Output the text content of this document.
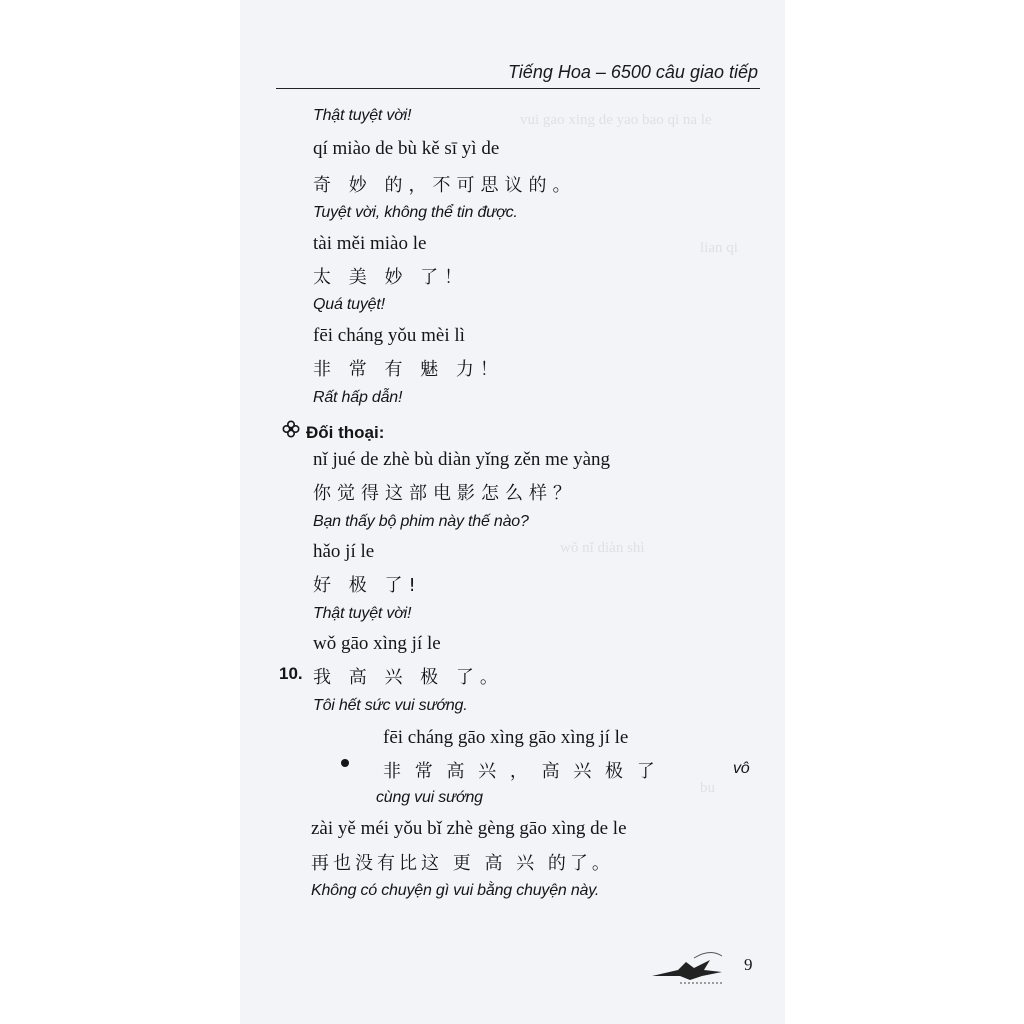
vui gao xing de yao bao qi na le
lian qi
wǒ nǐ diàn shì
bu
Tiếng Hoa – 6500 câu giao tiếp
Thật tuyệt vời!
qí miào de bù kě sī yì de
奇 妙 的，不可思议的。
Tuyệt vời, không thể tin được.
tài měi miào le
太 美 妙 了！
Quá tuyệt!
fēi cháng yǒu mèi lì
非 常 有 魅 力！
Rất hấp dẫn!
Đối thoại:
nǐ jué de zhè bù diàn yǐng zěn me yàng
你觉得这部电影怎么样？
Bạn thấy bộ phim này thế nào?
hǎo jí le
好 极 了!
Thật tuyệt vời!
wǒ gāo xìng jí le
10. 我 高 兴 极 了。
Tôi hết sức vui sướng.
fēi cháng gāo xìng gāo xìng jí le
非 常 高 兴 ， 高 兴 极 了	vô
cùng vui sướng
zài yě méi yǒu bǐ zhè gèng gāo xìng de le
再也没有比这 更 高 兴 的了。
Không có chuyện gì vui bằng chuyện này.
9
